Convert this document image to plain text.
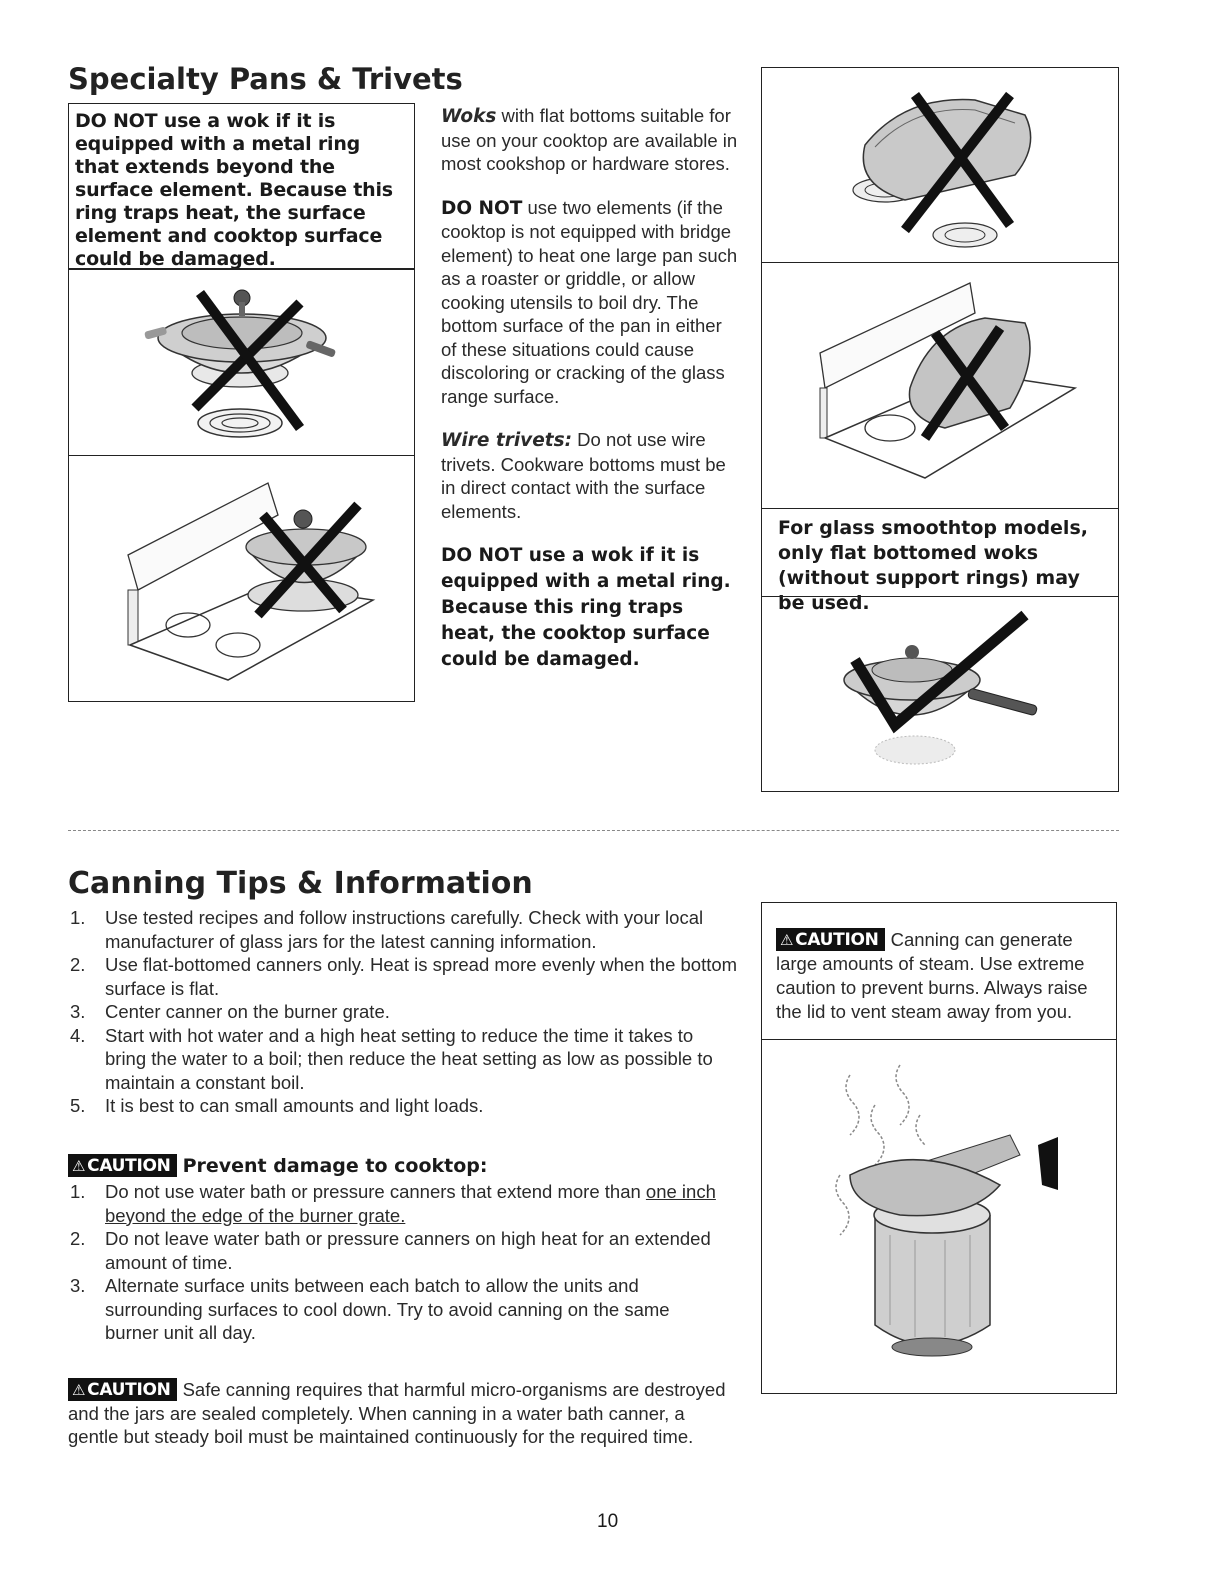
Specialty Pans & Trivets
DO NOT use a wok if it is equipped with a metal ring that extends beyond the surface element. Because this ring traps heat, the surface element and cooktop surface could be damaged.

Woks with flat bottoms suitable for use on your cooktop are available in most cookshop or hardware stores.

DO NOT use two elements (if the cooktop is not equipped with bridge element) to heat one large pan such as a roaster or griddle, or allow cooking utensils to boil dry. The bottom surface of the pan in either of these situations could cause discoloring or cracking of the glass range surface.

Wire trivets: Do not use wire trivets. Cookware bottoms must be in direct contact with the surface elements.

DO NOT use a wok if it is equipped with a metal ring. Because this ring traps heat, the cooktop surface could be damaged.

For glass smoothtop models, only flat bottomed woks (without support rings) may be used.
Canning Tips & Information
1. Use tested recipes and follow instructions carefully. Check with your local manufacturer of glass jars for the latest canning information.
2. Use flat-bottomed canners only. Heat is spread more evenly when the bottom surface is flat.
3. Center canner on the burner grate.
4. Start with hot water and a high heat setting to reduce the time it takes to bring the water to a boil; then reduce the heat setting as low as possible to maintain a constant boil.
5. It is best to can small amounts and light loads.
⚠ CAUTION Prevent damage to cooktop:
1. Do not use water bath or pressure canners that extend more than one inch beyond the edge of the burner grate.
2. Do not leave water bath or pressure canners on high heat for an extended amount of time.
3. Alternate surface units between each batch to allow the units and surrounding surfaces to cool down. Try to avoid canning on the same burner unit all day.
⚠ CAUTION Safe canning requires that harmful micro-organisms are destroyed and the jars are sealed completely. When canning in a water bath canner, a gentle but steady boil must be maintained continuously for the required time.
⚠ CAUTION Canning can generate large amounts of steam. Use extreme caution to prevent burns. Always raise the lid to vent steam away from you.
10
